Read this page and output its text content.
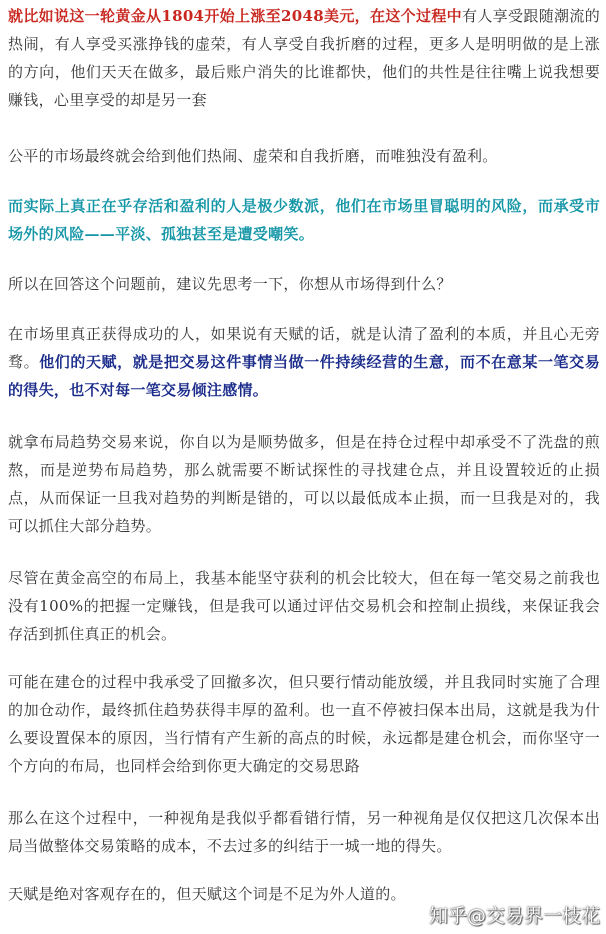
就比如说这一轮黄金从1804开始上涨至2048美元，在这个过程中有人享受跟随潮流的热闹，有人享受买涨挣钱的虚荣，有人享受自我折磨的过程，更多人是明明做的是上涨的方向，他们天天在做多，最后账户消失的比谁都快，他们的共性是往往嘴上说我想要赚钱，心里享受的却是另一套

公平的市场最终就会给到他们热闹、虚荣和自我折磨，而唯独没有盈利。

而实际上真正在乎存活和盈利的人是极少数派，他们在市场里冒聪明的风险，而承受市场外的风险——平淡、孤独甚至是遭受嘲笑。

所以在回答这个问题前，建议先思考一下，你想从市场得到什么？

在市场里真正获得成功的人，如果说有天赋的话，就是认清了盈利的本质，并且心无旁骛。他们的天赋，就是把交易这件事情当做一件持续经营的生意，而不在意某一笔交易的得失，也不对每一笔交易倾注感情。

就拿布局趋势交易来说，你自以为是顺势做多，但是在持仓过程中却承受不了洗盘的煎熬，而是逆势布局趋势，那么就需要不断试探性的寻找建仓点，并且设置较近的止损点，从而保证一旦我对趋势的判断是错的，可以以最低成本止损，而一旦我是对的，我可以抓住大部分趋势。

尽管在黄金高空的布局上，我基本能坚守获利的机会比较大，但在每一笔交易之前我也没有100%的把握一定赚钱，但是我可以通过评估交易机会和控制止损线，来保证我会存活到抓住真正的机会。

可能在建仓的过程中我承受了回撤多次，但只要行情动能放缓，并且我同时实施了合理的加仓动作，最终抓住趋势获得丰厚的盈利。也一直不停被扫保本出局，这就是我为什么要设置保本的原因，当行情有产生新的高点的时候，永远都是建仓机会，而你坚守一个方向的布局，也同样会给到你更大确定的交易思路

那么在这个过程中，一种视角是我似乎都看错行情，另一种视角是仅仅把这几次保本出局当做整体交易策略的成本，不去过多的纠结于一城一地的得失。

天赋是绝对客观存在的，但天赋这个词是不足为外人道的。

知乎@交易界一枝花
